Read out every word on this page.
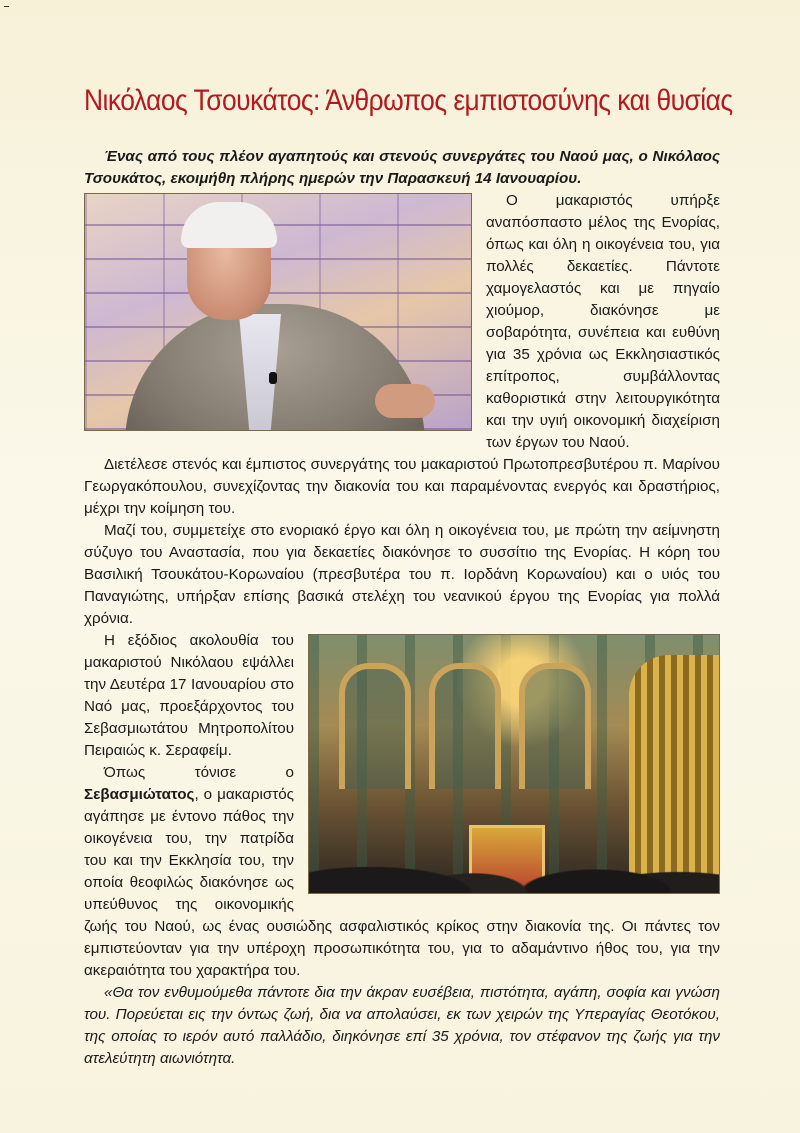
Νικόλαος Τσουκάτος: Άνθρωπος εμπιστοσύνης και θυσίας

Ένας από τους πλέον αγαπητούς και στενούς συνεργάτες του Ναού μας, ο Νικόλαος Τσουκάτος, εκοιμήθη πλήρης ημερών την Παρασκευή 14 Ιανουαρίου.

Ο μακαριστός υπήρξε αναπόσπαστο μέλος της Ενορίας, όπως και όλη η οικογένεια του, για πολλές δεκαετίες. Πάντοτε χαμογελαστός και με πηγαίο χιούμορ, διακόνησε με σοβαρότητα, συνέπεια και ευθύνη για 35 χρόνια ως Εκκλησιαστικός επίτροπος, συμβάλλοντας καθοριστικά στην λειτουργικότητα και την υγιή οικονομική διαχείριση των έργων του Ναού.

Διετέλεσε στενός και έμπιστος συνεργάτης του μακαριστού Πρωτοπρεσβυτέρου π. Μαρίνου Γεωργακόπουλου, συνεχίζοντας την διακονία του και παραμένοντας ενεργός και δραστήριος, μέχρι την κοίμηση του.

Μαζί του, συμμετείχε στο ενοριακό έργο και όλη η οικογένεια του, με πρώτη την αείμνηστη σύζυγο του Αναστασία, που για δεκαετίες διακόνησε το συσσίτιο της Ενορίας. Η κόρη του Βασιλική Τσουκάτου-Κορωναίου (πρεσβυτέρα του π. Ιορδάνη Κορωναίου) και ο υιός του Παναγιώτης, υπήρξαν επίσης βασικά στελέχη του νεανικού έργου της Ενορίας για πολλά χρόνια.

Η εξόδιος ακολουθία του μακαριστού Νικόλαου εψάλλει την Δευτέρα 17 Ιανουαρίου στο Ναό μας, προεξάρχοντος του Σεβασμιωτάτου Μητροπολίτου Πειραιώς κ. Σεραφείμ.

Όπως τόνισε ο Σεβασμιώτατος, ο μακαριστός αγάπησε με έντονο πάθος την οικογένεια του, την πατρίδα του και την Εκκλησία του, την οποία θεοφιλώς διακόνησε ως υπεύθυνος της οικονομικής ζωής του Ναού, ως ένας ουσιώδης ασφαλιστικός κρίκος στην διακονία της. Οι πάντες τον εμπιστεύονταν για την υπέροχη προσωπικότητα του, για το αδαμάντινο ήθος του, για την ακεραιότητα του χαρακτήρα του.

«Θα τον ενθυμούμεθα πάντοτε δια την άκραν ευσέβεια, πιστότητα, αγάπη, σοφία και γνώση του. Πορεύεται εις την όντως ζωή, δια να απολαύσει, εκ των χειρών της Υπεραγίας Θεοτόκου, της οποίας το ιερόν αυτό παλλάδιο, διηκόνησε επί 35 χρόνια, τον στέφανον της ζωής για την ατελεύτητη αιωνιότητα.
